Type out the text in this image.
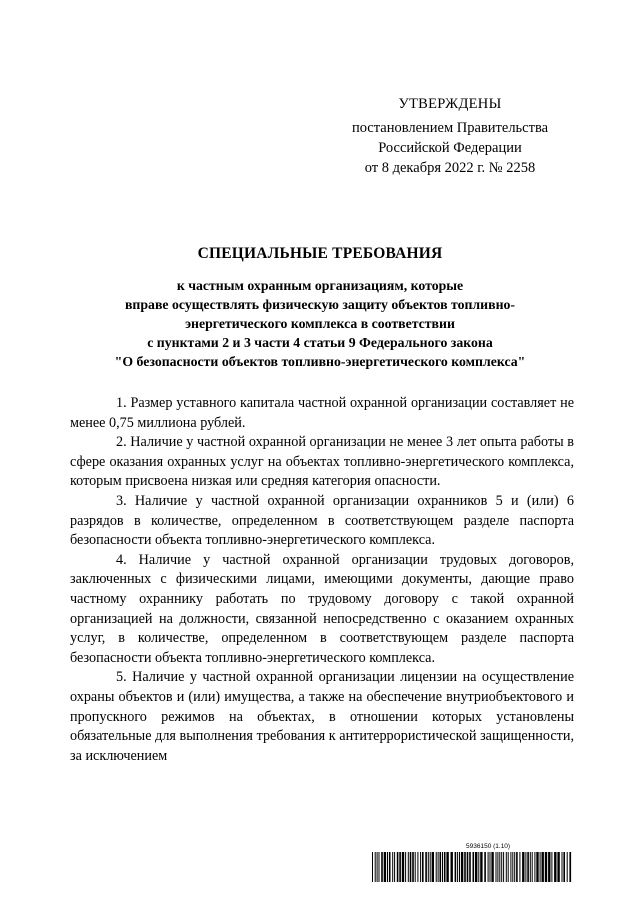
УТВЕРЖДЕНЫ
постановлением Правительства
Российской Федерации
от 8 декабря 2022 г. № 2258
СПЕЦИАЛЬНЫЕ ТРЕБОВАНИЯ
к частным охранным организациям, которые
вправе осуществлять физическую защиту объектов топливно-
энергетического комплекса в соответствии
с пунктами 2 и 3 части 4 статьи 9 Федерального закона
"О безопасности объектов топливно-энергетического комплекса"

1. Размер уставного капитала частной охранной организации составляет не менее 0,75 миллиона рублей.

2. Наличие у частной охранной организации не менее 3 лет опыта работы в сфере оказания охранных услуг на объектах топливно-энергетического комплекса, которым присвоена низкая или средняя категория опасности.

3. Наличие у частной охранной организации охранников 5 и (или) 6 разрядов в количестве, определенном в соответствующем разделе паспорта безопасности объекта топливно-энергетического комплекса.

4. Наличие у частной охранной организации трудовых договоров, заключенных с физическими лицами, имеющими документы, дающие право частному охраннику работать по трудовому договору с такой охранной организацией на должности, связанной непосредственно с оказанием охранных услуг, в количестве, определенном в соответствующем разделе паспорта безопасности объекта топливно-энергетического комплекса.

5. Наличие у частной охранной организации лицензии на осуществление охраны объектов и (или) имущества, а также на обеспечение внутриобъектового и пропускного режимов на объектах, в отношении которых установлены обязательные для выполнения требования к антитеррористической защищенности, за исключением

5936150 (1.10)
